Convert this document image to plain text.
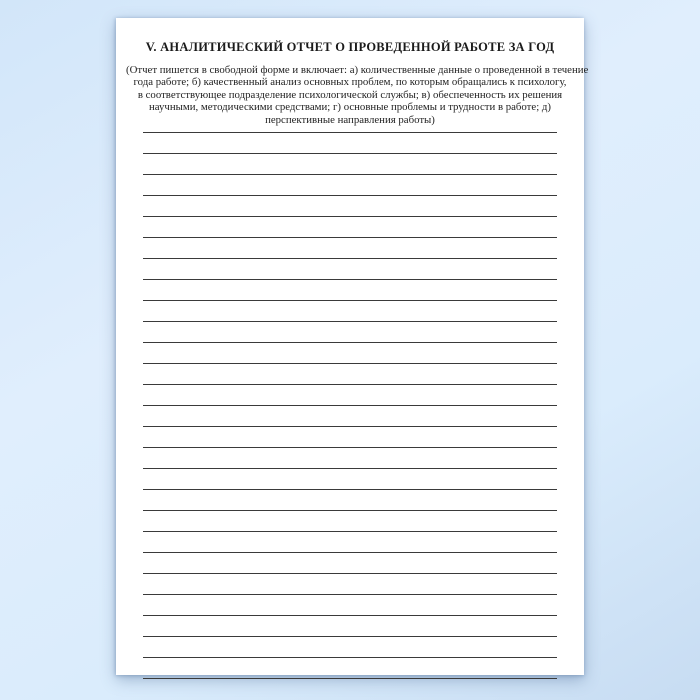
V. АНАЛИТИЧЕСКИЙ ОТЧЕТ О ПРОВЕДЕННОЙ РАБОТЕ ЗА ГОД
(Отчет пишется в свободной форме и включает: а) количественные данные о проведенной в течение
года работе; б) качественный анализ основных проблем, по которым обращались к психологу,
в соответствующее подразделение психологической службы; в) обеспеченность их решения
научными, методическими средствами; г) основные проблемы и трудности в работе; д)
перспективные направления работы)
